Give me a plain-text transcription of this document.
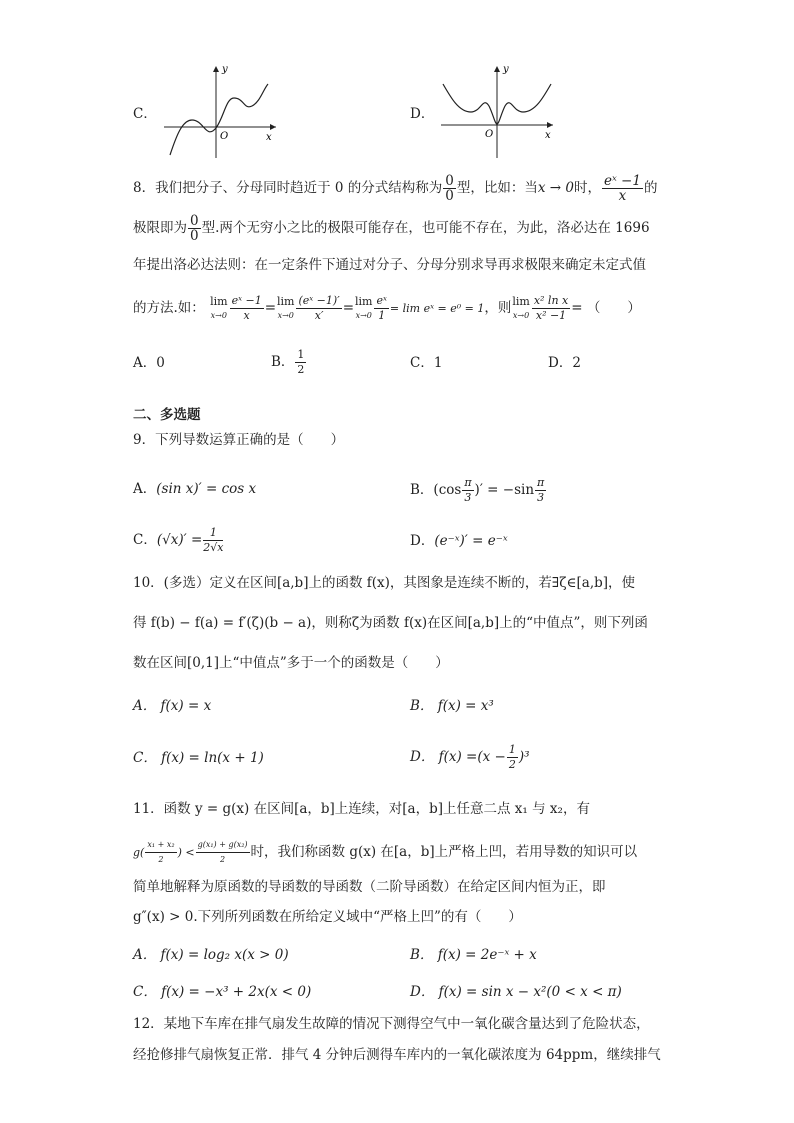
C．
y
x
O
D．
y
x
O
8．我们把分子、分母同时趋近于 0 的分式结构称为 $\frac{0}{0}$ 型，比如：当x → 0时， $\frac{\text{eˣ −1}}{x}$ 的
极限即为 $\frac{0}{0}$ 型.两个无穷小之比的极限可能存在，也可能不存在，为此，洛必达在 1696
年提出洛必达法则：在一定条件下通过对分子、分母分别求导再求极限来确定未定式值
的方法.如： lim
$x\to 0 \frac{\text{eˣ −1}}{x} = \lim$
$x\to 0 \frac{\text{(eˣ −1)′}}{x'} = \lim$
$x\to 0 \frac{\text{eˣ}}{1} = \lim$ eˣ = e⁰ = 1，则 lim
$x\to 0 \frac{\text{x² ln x}}{\text{x² −1}}$ = （　　）
A．0	B． $\frac{1}{2}$	C．1	D．2
二、多选题
9．下列导数运算正确的是（　　）
A．(sin x)′ = cos x	B．($\cos \frac{\pi}{3}$ )′ = $-\sin \frac{\pi}{3}$
C．$(√x)' = \frac{1}{2√x}$	D．(e⁻ˣ)′ = e⁻ˣ
10．(多选）定义在区间[a,b]上的函数 f(x)，其图象是连续不断的，若∃ζ∈[a,b]，使
得 f(b) − f(a) = f′(ζ)(b − a)，则称ζ为函数 f(x)在区间[a,b]上的“中值点”，则下列函
数在区间[0,1]上“中值点”多于一个的函数是（　　）
A． f(x) = x	B． f(x) = x³
C． f(x) = ln(x + 1)	D． $f(x) =(x - \frac{1}{2} )^3$
11．函数 y = g(x) 在区间[a，b]上连续，对[a，b]上任意二点 x₁ 与 x₂，有
$g( \frac{\text{x₁ + x₂}}{2}$ ) < $\frac{\text{g(x₁) + g(x₂)}}{2}$ 时，我们称函数 g(x) 在[a，b]上严格上凹，若用导数的知识可以
简单地解释为原函数的导函数的导函数（二阶导函数）在给定区间内恒为正，即
g″(x) > 0.下列所列函数在所给定义域中“严格上凹”的有（　　）
A． f(x) = log₂ x(x > 0)	B． f(x) = 2e⁻ˣ + x
C． f(x) = −x³ + 2x(x < 0)	D． f(x) = sin x − x²(0 < x < π)
12．某地下车库在排气扇发生故障的情况下测得空气中一氧化碳含量达到了危险状态，
经抢修排气扇恢复正常．排气 4 分钟后测得车库内的一氧化碳浓度为 64ppm，继续排气
